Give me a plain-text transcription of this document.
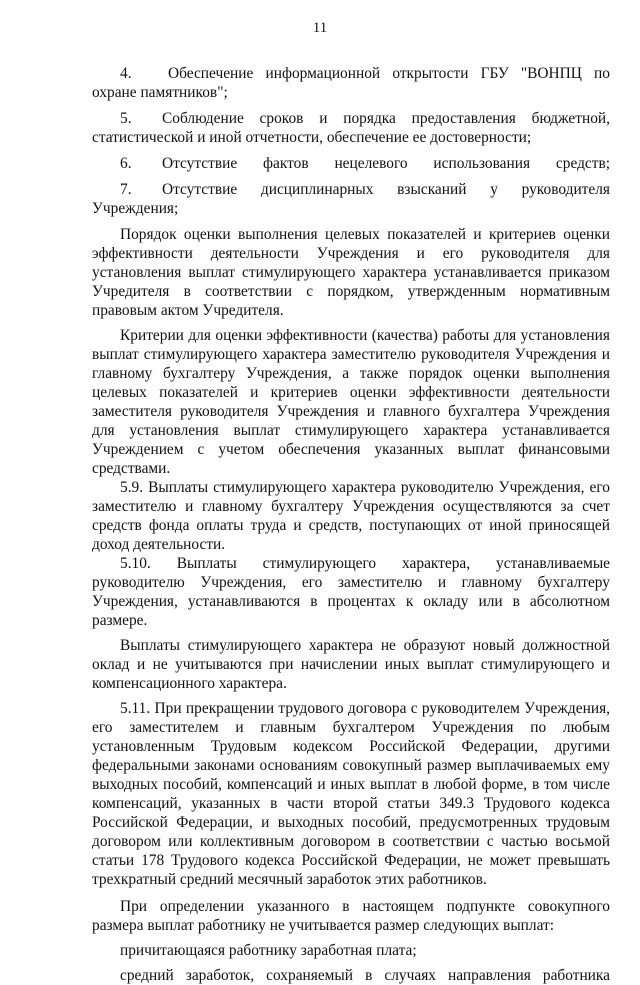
11

4. Обеспечение информационной открытости ГБУ "ВОНПЦ по охране памятников";

5. Соблюдение сроков и порядка предоставления бюджетной, статистической и иной отчетности, обеспечение ее достоверности;

6. Отсутствие фактов нецелевого использования средств;

7. Отсутствие дисциплинарных взысканий у руководителя Учреждения;

Порядок оценки выполнения целевых показателей и критериев оценки эффективности деятельности Учреждения и его руководителя для установления выплат стимулирующего характера устанавливается приказом Учредителя в соответствии с порядком, утвержденным нормативным правовым актом Учредителя.

Критерии для оценки эффективности (качества) работы для установления выплат стимулирующего характера заместителю руководителя Учреждения и главному бухгалтеру Учреждения, а также порядок оценки выполнения целевых показателей и критериев оценки эффективности деятельности заместителя руководителя Учреждения и главного бухгалтера Учреждения для установления выплат стимулирующего характера устанавливается Учреждением с учетом обеспечения указанных выплат финансовыми средствами.

5.9. Выплаты стимулирующего характера руководителю Учреждения, его заместителю и главному бухгалтеру Учреждения осуществляются за счет средств фонда оплаты труда и средств, поступающих от иной приносящей доход деятельности.

5.10. Выплаты стимулирующего характера, устанавливаемые руководителю Учреждения, его заместителю и главному бухгалтеру Учреждения, устанавливаются в процентах к окладу или в абсолютном размере.

Выплаты стимулирующего характера не образуют новый должностной оклад и не учитываются при начислении иных выплат стимулирующего и компенсационного характера.

5.11. При прекращении трудового договора с руководителем Учреждения, его заместителем и главным бухгалтером Учреждения по любым установленным Трудовым кодексом Российской Федерации, другими федеральными законами основаниям совокупный размер выплачиваемых ему выходных пособий, компенсаций и иных выплат в любой форме, в том числе компенсаций, указанных в части второй статьи 349.3 Трудового кодекса Российской Федерации, и выходных пособий, предусмотренных трудовым договором или коллективным договором в соответствии с частью восьмой статьи 178 Трудового кодекса Российской Федерации, не может превышать трехкратный средний месячный заработок этих работников.

При определении указанного в настоящем подпункте совокупного размера выплат работнику не учитывается размер следующих выплат:

причитающаяся работнику заработная плата;

средний заработок, сохраняемый в случаях направления работника
